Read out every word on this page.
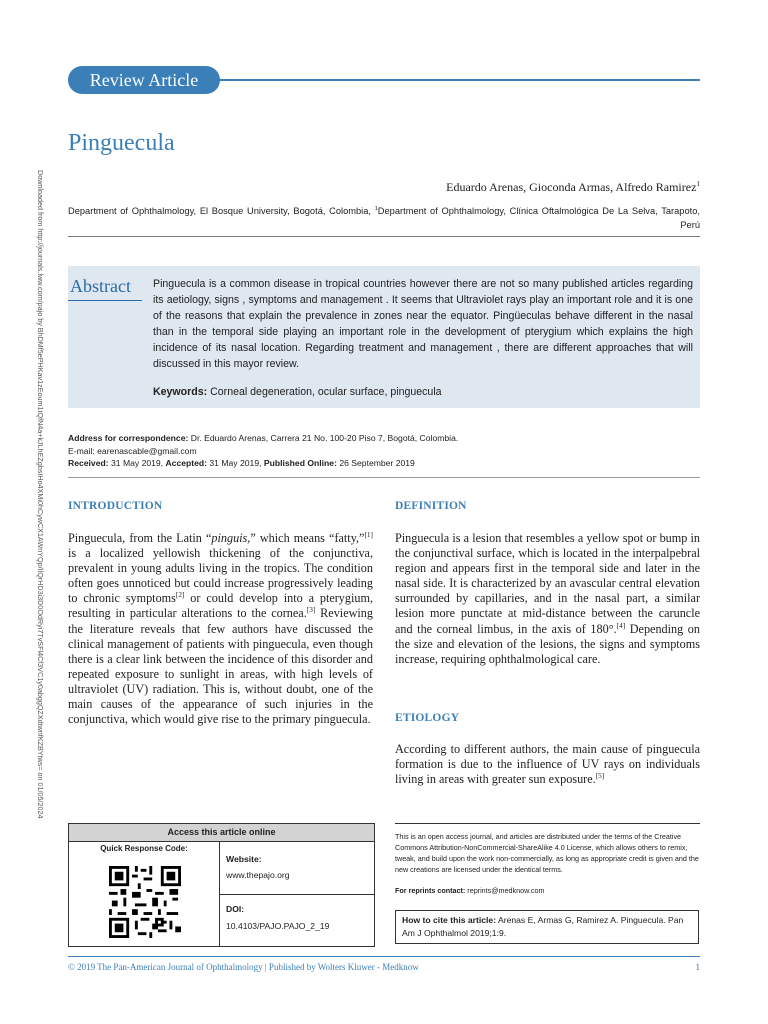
Downloaded from http://journals.lww.com/pajo by BhDMf5ePHKav1zEoum1tQfN4a+kJLhEZgbsIHo4XMi0hCywCX1AWnYQp/IlQrHD3i3D0OdRyi7TvSFl4Cf3VC1y0abggQZXdtwnfKZBYtws= on 01/05/2024
Review Article
Pinguecula
Eduardo Arenas, Gioconda Armas, Alfredo Ramirez$^1$
Department of Ophthalmology, El Bosque University, Bogotá, Colombia, $^1$Department of Ophthalmology, Clínica Oftalmológica De La Selva, Tarapoto, Perú
Abstract Pinguecula is a common disease in tropical countries however there are not so many published articles regarding its aetiology, signs , symptoms and management . It seems that Ultraviolet rays play an important role and it is one of the reasons that explain the prevalence in zones near the equator. Pingüeculas behave different in the nasal than in the temporal side playing an important role in the development of pterygium which explains the high incidence of its nasal location. Regarding treatment and management , there are different approaches that will discussed in this mayor review.
Keywords: Corneal degeneration, ocular surface, pinguecula
Address for correspondence: Dr. Eduardo Arenas, Carrera 21 No. 100-20 Piso 7, Bogotá, Colombia.
E-mail: earenascable@gmail.com
Received: 31 May 2019, Accepted: 31 May 2019, Published Online: 26 September 2019
INTRODUCTION
Pinguecula, from the Latin “pinguis,” which means “fatty,”[1] is a localized yellowish thickening of the conjunctiva, prevalent in young adults living in the tropics. The condition often goes unnoticed but could increase progressively leading to chronic symptoms[2] or could develop into a pterygium, resulting in particular alterations to the cornea.[3] Reviewing the literature reveals that few authors have discussed the clinical management of patients with pinguecula, even though there is a clear link between the incidence of this disorder and repeated exposure to sunlight in areas, with high levels of ultraviolet (UV) radiation. This is, without doubt, one of the main causes of the appearance of such injuries in the conjunctiva, which would give rise to the primary pinguecula.
DEFINITION
Pinguecula is a lesion that resembles a yellow spot or bump in the conjunctival surface, which is located in the interpalpebral region and appears first in the temporal side and later in the nasal side. It is characterized by an avascular central elevation surrounded by capillaries, and in the nasal part, a similar lesion more punctate at mid-distance between the caruncle and the corneal limbus, in the axis of 180°.[4] Depending on the size and elevation of the lesions, the signs and symptoms increase, requiring ophthalmological care.
ETIOLOGY
According to different authors, the main cause of pinguecula formation is due to the influence of UV rays on individuals living in areas with greater sun exposure.[5]
Access this article online
Quick Response Code:
Website:
www.thepajo.org
DOI:
10.4103/PAJO.PAJO_2_19
This is an open access journal, and articles are distributed under the terms of the Creative Commons Attribution-NonCommercial-ShareAlike 4.0 License, which allows others to remix, tweak, and build upon the work non-commercially, as long as appropriate credit is given and the new creations are licensed under the identical terms.
For reprints contact: reprints@medknow.com
How to cite this article: Arenas E, Armas G, Ramirez A. Pinguecula. Pan Am J Ophthalmol 2019;1:9.
© 2019 The Pan-American Journal of Ophthalmology | Published by Wolters Kluwer - Medknow	1
